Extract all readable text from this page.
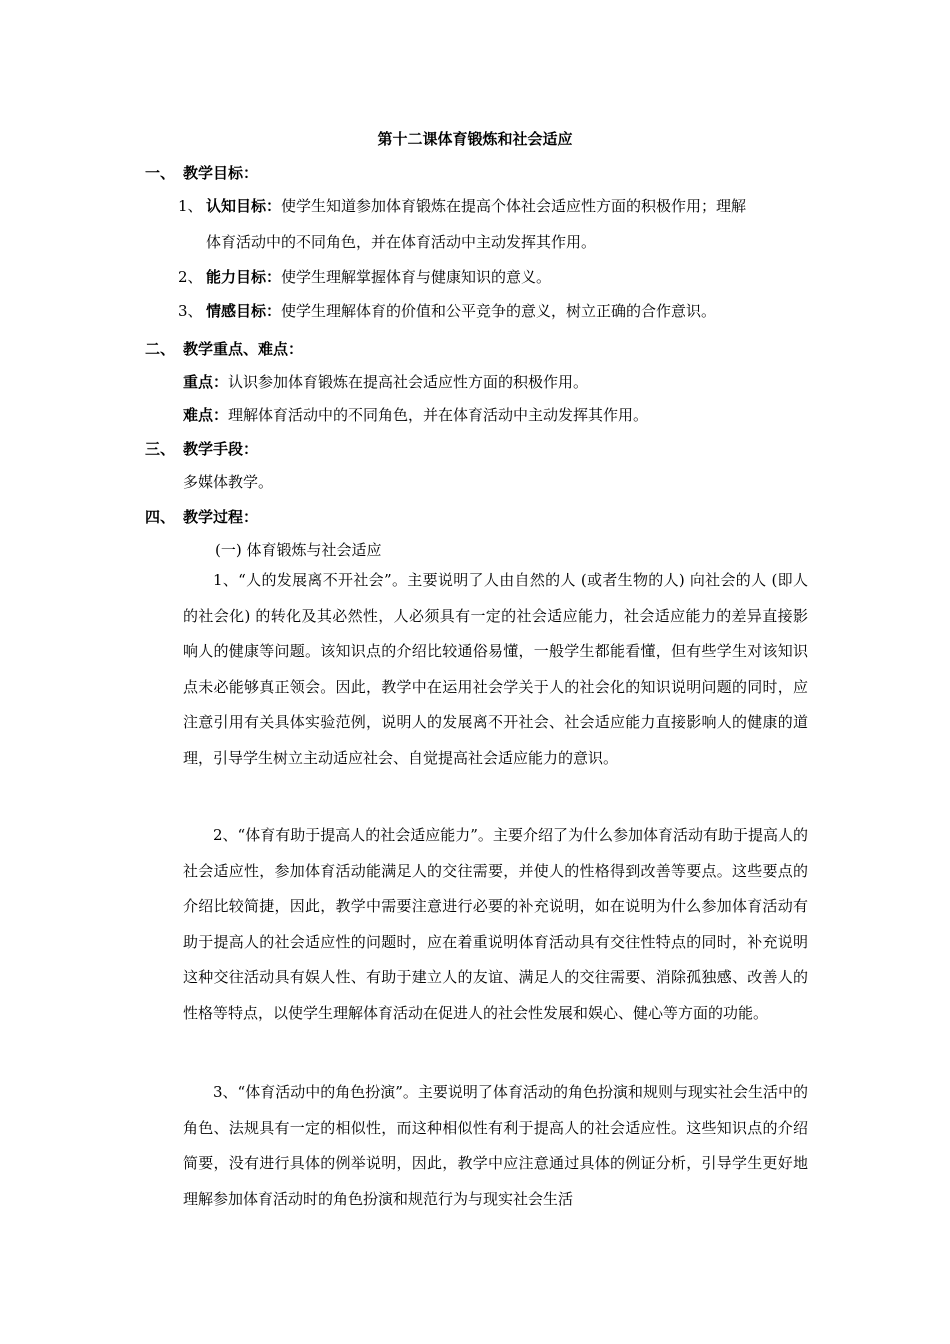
第十二课体育锻炼和社会适应
一、 教学目标：
1、 认知目标：使学生知道参加体育锻炼在提高个体社会适应性方面的积极作用；理解
体育活动中的不同角色，并在体育活动中主动发挥其作用。
2、 能力目标：使学生理解掌握体育与健康知识的意义。
3、 情感目标：使学生理解体育的价值和公平竞争的意义，树立正确的合作意识。
二、 教学重点、难点：
重点：认识参加体育锻炼在提高社会适应性方面的积极作用。
难点：理解体育活动中的不同角色，并在体育活动中主动发挥其作用。
三、 教学手段：
多媒体教学。
四、 教学过程：
(一) 体育锻炼与社会适应
1、“人的发展离不开社会”。主要说明了人由自然的人 (或者生物的人) 向社会的人 (即人的社会化) 的转化及其必然性，人必须具有一定的社会适应能力，社会适应能力的差异直接影响人的健康等问题。该知识点的介绍比较通俗易懂，一般学生都能看懂，但有些学生对该知识点未必能够真正领会。因此，教学中在运用社会学关于人的社会化的知识说明问题的同时，应注意引用有关具体实验范例，说明人的发展离不开社会、社会适应能力直接影响人的健康的道理，引导学生树立主动适应社会、自觉提高社会适应能力的意识。
2、“体育有助于提高人的社会适应能力”。主要介绍了为什么参加体育活动有助于提高人的社会适应性，参加体育活动能满足人的交往需要，并使人的性格得到改善等要点。这些要点的介绍比较简捷，因此，教学中需要注意进行必要的补充说明，如在说明为什么参加体育活动有助于提高人的社会适应性的问题时，应在着重说明体育活动具有交往性特点的同时，补充说明这种交往活动具有娱人性、有助于建立人的友谊、满足人的交往需要、消除孤独感、改善人的性格等特点，以使学生理解体育活动在促进人的社会性发展和娱心、健心等方面的功能。
3、“体育活动中的角色扮演”。主要说明了体育活动的角色扮演和规则与现实社会生活中的角色、法规具有一定的相似性，而这种相似性有利于提高人的社会适应性。这些知识点的介绍简要，没有进行具体的例举说明，因此，教学中应注意通过具体的例证分析，引导学生更好地理解参加体育活动时的角色扮演和规范行为与现实社会生活
